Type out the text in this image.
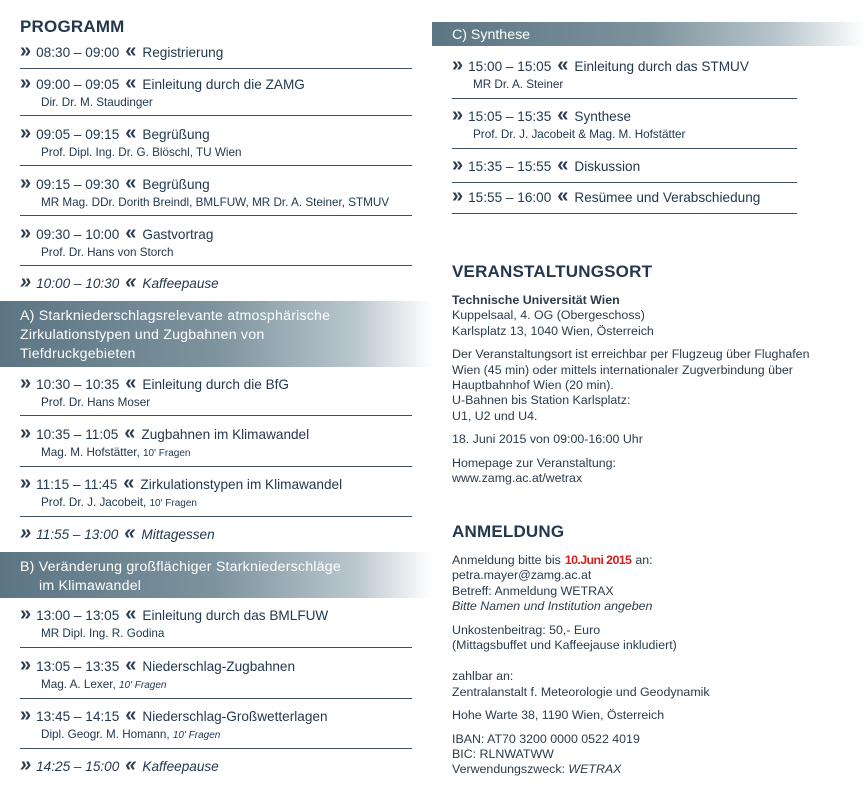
PROGRAMM
» 08:30 – 09:00 « Registrierung
» 09:00 – 09:05 « Einleitung durch die ZAMG
Dir. Dr. M. Staudinger
» 09:05 – 09:15 « Begrüßung
Prof. Dipl. Ing. Dr. G. Blöschl, TU Wien
» 09:15 – 09:30 « Begrüßung
MR Mag. DDr. Dorith Breindl, BMLFUW, MR Dr. A. Steiner, STMUV
» 09:30 – 10:00 « Gastvortrag
Prof. Dr. Hans von Storch
» 10:00 – 10:30 « Kaffeepause
A) Starkniederschlagsrelevante atmosphärische
Zirkulationstypen und Zugbahnen von
Tiefdruckgebieten
» 10:30 – 10:35 « Einleitung durch die BfG
Prof. Dr. Hans Moser
» 10:35 – 11:05 « Zugbahnen im Klimawandel
Mag. M. Hofstätter, 10' Fragen
» 11:15 – 11:45 « Zirkulationstypen im Klimawandel
Prof. Dr. J. Jacobeit, 10' Fragen
» 11:55 – 13:00 « Mittagessen
B) Veränderung großflächiger Starkniederschläge
im Klimawandel
» 13:00 – 13:05 « Einleitung durch das BMLFUW
MR Dipl. Ing. R. Godina
» 13:05 – 13:35 « Niederschlag-Zugbahnen
Mag. A. Lexer, 10' Fragen
» 13:45 – 14:15 « Niederschlag-Großwetterlagen
Dipl. Geogr. M. Homann, 10' Fragen
» 14:25 – 15:00 « Kaffeepause
C) Synthese
» 15:00 – 15:05 « Einleitung durch das STMUV
MR Dr. A. Steiner
» 15:05 – 15:35 « Synthese
Prof. Dr. J. Jacobeit & Mag. M. Hofstätter
» 15:35 – 15:55 « Diskussion
» 15:55 – 16:00 « Resümee und Verabschiedung
VERANSTALTUNGSORT

Technische Universität Wien

Kuppelsaal, 4. OG (Obergeschoss)

Karlsplatz 13, 1040 Wien, Österreich

Der Veranstaltungsort ist erreichbar per Flugzeug über Flughafen

Wien (45 min) oder mittels internationaler Zugverbindung über

Hauptbahnhof Wien (20 min).

U-Bahnen bis Station Karlsplatz:

U1, U2 und U4.

18. Juni 2015 von 09:00-16:00 Uhr

Homepage zur Veranstaltung:

www.zamg.ac.at/wetrax

ANMELDUNG

Anmeldung bitte bis 10.Juni 2015 an:

petra.mayer@zamg.ac.at

Betreff: Anmeldung WETRAX

Bitte Namen und Institution angeben

Unkostenbeitrag: 50,- Euro

(Mittagsbuffet und Kaffeejause inkludiert)

zahlbar an:

Zentralanstalt f. Meteorologie und Geodynamik

Hohe Warte 38, 1190 Wien, Österreich

IBAN: AT70 3200 0000 0522 4019

BIC: RLNWATWW

Verwendungszweck: WETRAX
